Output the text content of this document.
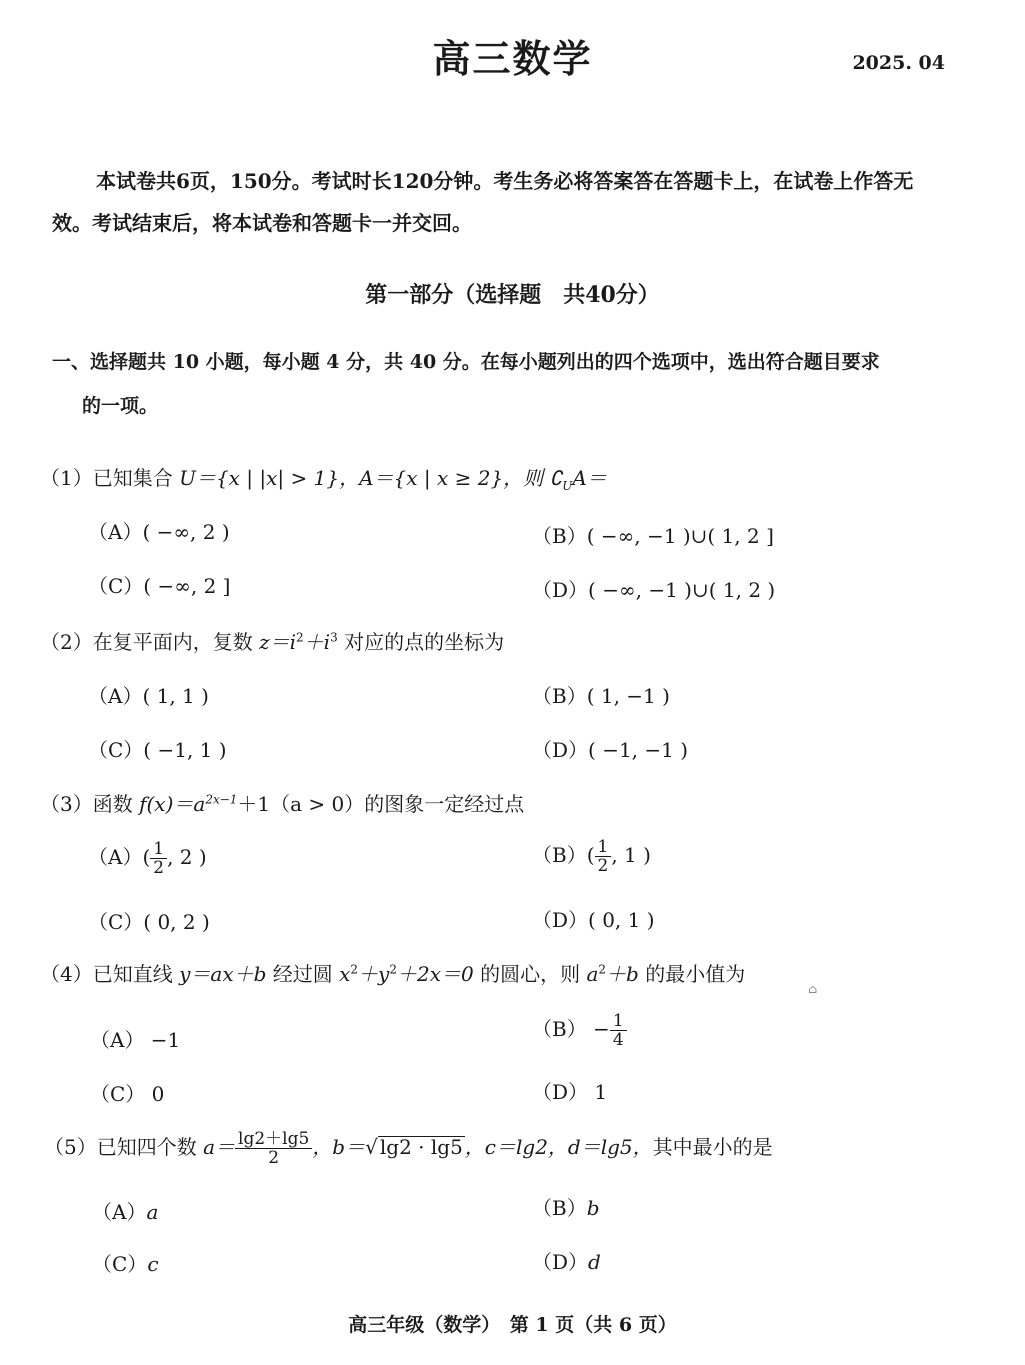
高三数学	2025. 04
本试卷共6页，150分。考试时长120分钟。考生务必将答案答在答题卡上，在试卷上作答无效。考试结束后，将本试卷和答题卡一并交回。
第一部分（选择题　共40分）
一、选择题共 10 小题，每小题 4 分，共 40 分。在每小题列出的四个选项中，选出符合题目要求
的一项。
（1）已知集合 U＝{x | |x| > 1}，A＝{x | x ≥ 2}，则 $∁_UA=$
（A）( −∞, 2 )	（B）( −∞, −1 )∪( 1, 2 ]
（C）( −∞, 2 ]	（D）( −∞, −1 )∪( 1, 2 )
（2）在复平面内，复数 $z=i^2+i^3$ 对应的点的坐标为
（A）( 1, 1 )	（B）( 1, −1 )
（C）( −1, 1 )	（D）( −1, −1 )
（3）函数 $f(x)=a^{2x-1}+1(a > 0)$的图象一定经过点
$(A)( \frac{1}{2}$ , 2 )	$(B)( \frac{1}{2}$ , 1 )
（C）( 0, 2 )	（D）( 0, 1 )
（4）已知直线 y＝ax＋b 经过圆 $x^2+y^2+2x=0$ 的圆心，则 $a^2+b$ 的最小值为
（A） −1	$(B) - \frac{1}{4}$
（C） 0	（D） 1
⌂
（5）已知四个数 $a= \frac{\lg 2+\lg 5}{2}$ ，b＝√ lg2 · lg5 ，c＝lg2，d＝lg5，其中最小的是
（A）a	（B）b
（C）c	（D）d
高三年级（数学）　第 1 页（共 6 页）
